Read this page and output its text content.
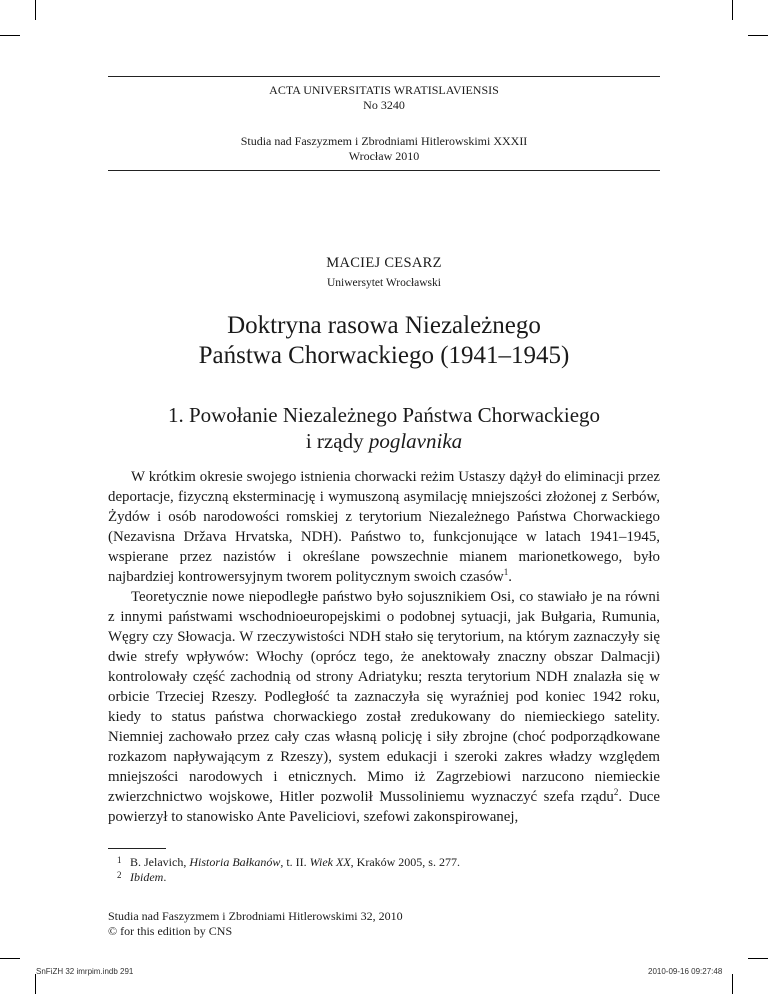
ACTA UNIVERSITATIS WRATISLAVIENSIS
No 3240
Studia nad Faszyzmem i Zbrodniami Hitlerowskimi XXXII
Wrocław 2010
MACIEJ CESARZ
Uniwersytet Wrocławski
Doktryna rasowa Niezależnego
Państwa Chorwackiego (1941–1945)
1. Powołanie Niezależnego Państwa Chorwackiego
i rządy poglavnika

W krótkim okresie swojego istnienia chorwacki reżim Ustaszy dążył do eliminacji przez deportacje, fizyczną eksterminację i wymuszoną asymilację mniejszości złożonej z Serbów, Żydów i osób narodowości romskiej z terytorium Niezależnego Państwa Chorwackiego (Nezavisna Država Hrvatska, NDH). Państwo to, funkcjonujące w latach 1941–1945, wspierane przez nazistów i określane powszechnie mianem marionetkowego, było najbardziej kontrowersyjnym tworem politycznym swoich czasów$^1$.

Teoretycznie nowe niepodległe państwo było sojusznikiem Osi, co stawiało je na równi z innymi państwami wschodnioeuropejskimi o podobnej sytuacji, jak Bułgaria, Rumunia, Węgry czy Słowacja. W rzeczywistości NDH stało się terytorium, na którym zaznaczyły się dwie strefy wpływów: Włochy (oprócz tego, że anektowały znaczny obszar Dalmacji) kontrolowały część zachodnią od strony Adriatyku; reszta terytorium NDH znalazła się w orbicie Trzeciej Rzeszy. Podległość ta zaznaczyła się wyraźniej pod koniec 1942 roku, kiedy to status państwa chorwackiego został zredukowany do niemieckiego satelity. Niemniej zachowało przez cały czas własną policję i siły zbrojne (choć podporządkowane rozkazom napływającym z Rzeszy), system edukacji i szeroki zakres władzy względem mniejszości narodowych i etnicznych. Mimo iż Zagrzebiowi narzucono niemieckie zwierzchnictwo wojskowe, Hitler pozwolił Mussoliniemu wyznaczyć szefa rządu$^2$. Duce powierzył to stanowisko Ante Paveliciovi, szefowi zakonspirowanej,

1 B. Jelavich, Historia Bałkanów, t. II. Wiek XX, Kraków 2005, s. 277.
2 Ibidem.
Studia nad Faszyzmem i Zbrodniami Hitlerowskimi 32, 2010
© for this edition by CNS
SnFiZH 32 imrpim.indb 291	2010-09-16 09:27:48
